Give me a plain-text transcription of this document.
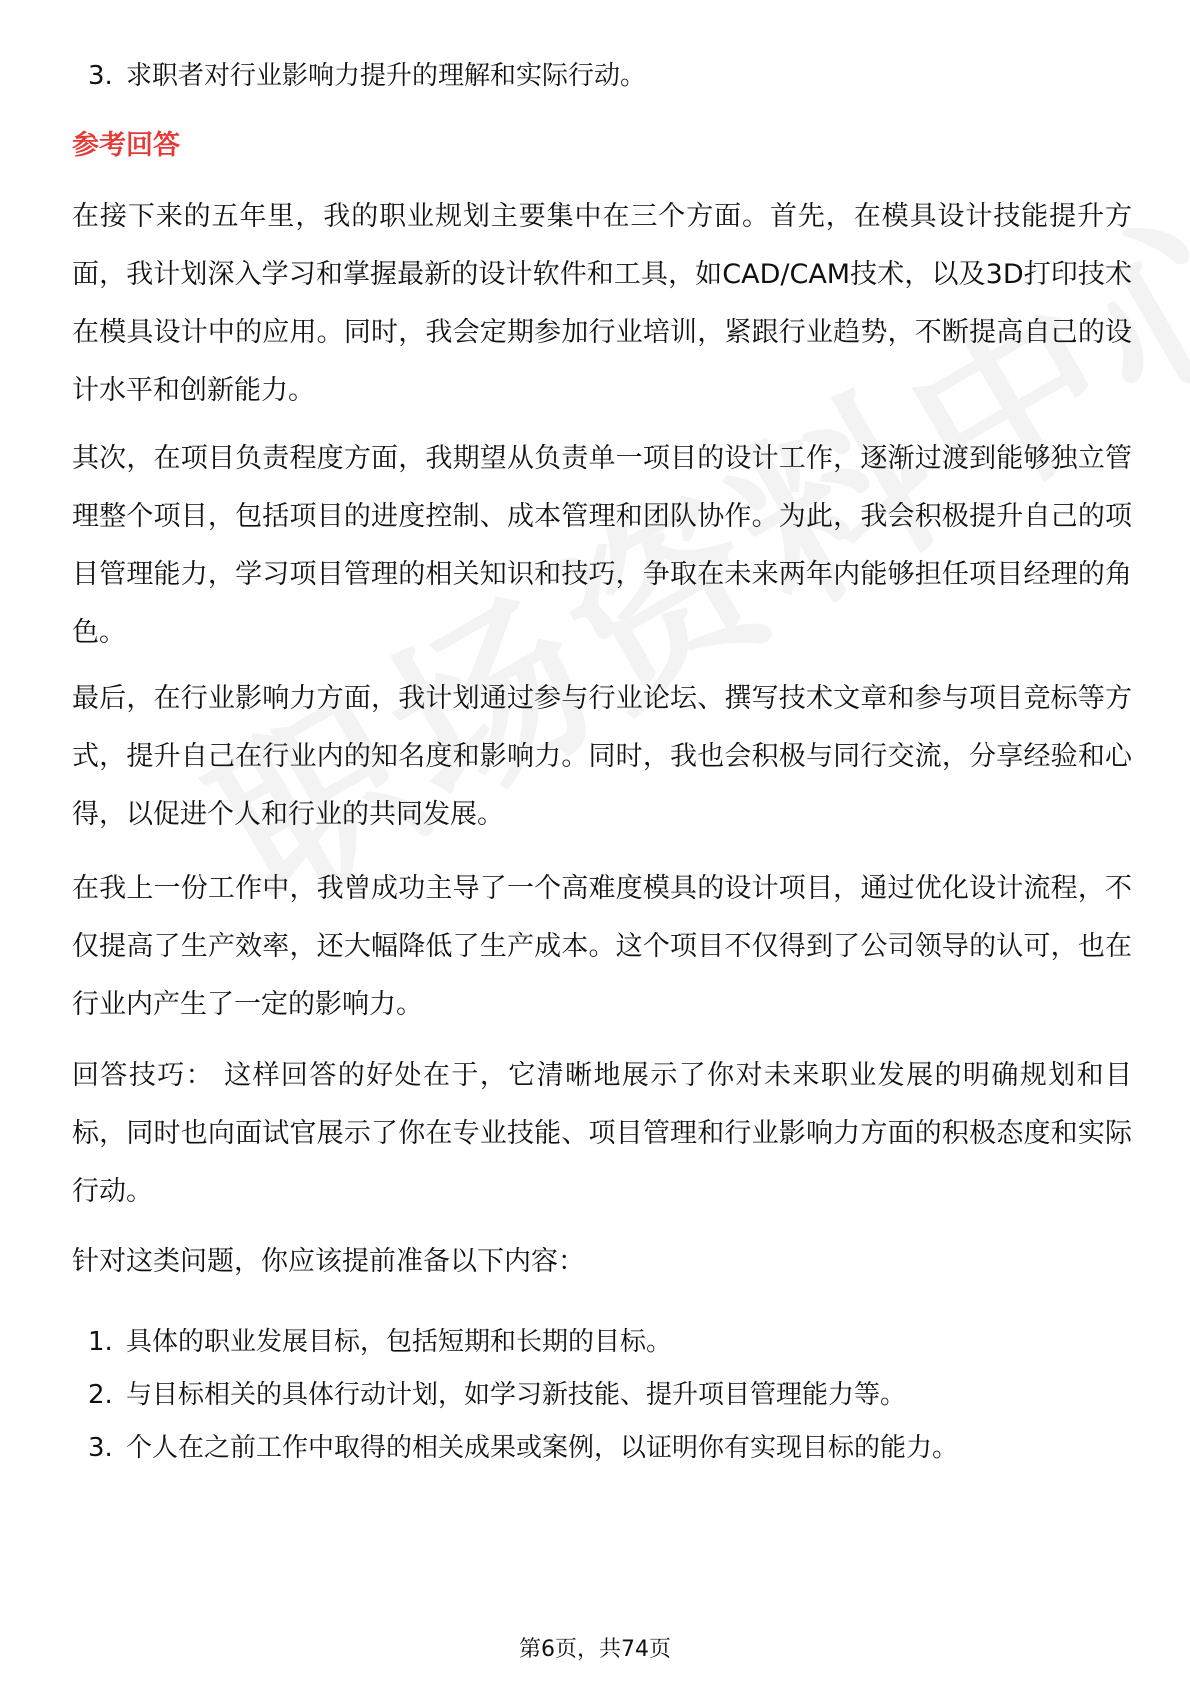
3. 求职者对行业影响力提升的理解和实际行动。
参考回答
在接下来的五年里，我的职业规划主要集中在三个方面。首先，在模具设计技能提升方面，我计划深入学习和掌握最新的设计软件和工具，如CAD/CAM技术，以及3D打印技术在模具设计中的应用。同时，我会定期参加行业培训，紧跟行业趋势，不断提高自己的设计水平和创新能力。
其次，在项目负责程度方面，我期望从负责单一项目的设计工作，逐渐过渡到能够独立管理整个项目，包括项目的进度控制、成本管理和团队协作。为此，我会积极提升自己的项目管理能力，学习项目管理的相关知识和技巧，争取在未来两年内能够担任项目经理的角色。
最后，在行业影响力方面，我计划通过参与行业论坛、撰写技术文章和参与项目竞标等方式，提升自己在行业内的知名度和影响力。同时，我也会积极与同行交流，分享经验和心得，以促进个人和行业的共同发展。
在我上一份工作中，我曾成功主导了一个高难度模具的设计项目，通过优化设计流程，不仅提高了生产效率，还大幅降低了生产成本。这个项目不仅得到了公司领导的认可，也在行业内产生了一定的影响力。
回答技巧： 这样回答的好处在于，它清晰地展示了你对未来职业发展的明确规划和目标，同时也向面试官展示了你在专业技能、项目管理和行业影响力方面的积极态度和实际行动。
针对这类问题，你应该提前准备以下内容：
1. 具体的职业发展目标，包括短期和长期的目标。
2. 与目标相关的具体行动计划，如学习新技能、提升项目管理能力等。
3. 个人在之前工作中取得的相关成果或案例，以证明你有实现目标的能力。
第6页，共74页
